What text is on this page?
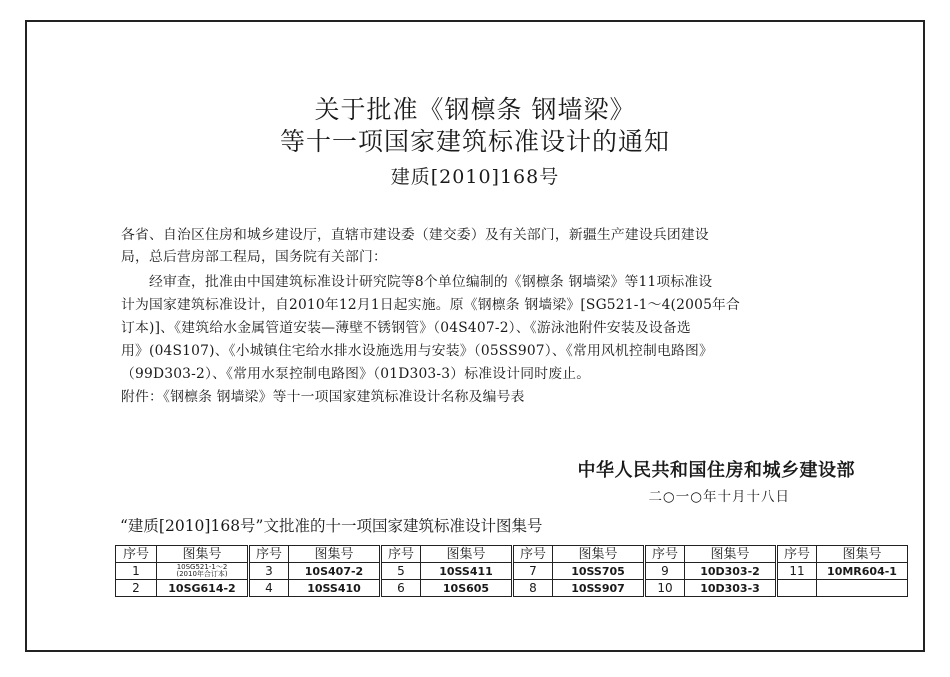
关于批准《钢檩条 钢墙梁》
等十一项国家建筑标准设计的通知
建质[2010]168号
各省、自治区住房和城乡建设厅，直辖市建设委（建交委）及有关部门，新疆生产建设兵团建设
局，总后营房部工程局，国务院有关部门：
　　经审查，批准由中国建筑标准设计研究院等8个单位编制的《钢檩条 钢墙梁》等11项标准设
计为国家建筑标准设计，自2010年12月1日起实施。原《钢檩条 钢墙梁》[SG521-1～4(2005年合
订本)]、《建筑给水金属管道安装—薄壁不锈钢管》（04S407-2）、《游泳池附件安装及设备选
用》(04S107)、《小城镇住宅给水排水设施选用与安装》（05SS907）、《常用风机控制电路图》
（99D303-2）、《常用水泵控制电路图》（01D303-3）标准设计同时废止。
附件：《钢檩条 钢墙梁》等十一项国家建筑标准设计名称及编号表
中华人民共和国住房和城乡建设部
二○一○年十月十八日
“建质[2010]168号”文批准的十一项国家建筑标准设计图集号
序号	图集号	序号	图集号	序号	图集号	序号	图集号	序号	图集号	序号	图集号
1	10SG521-1～2
(2010年合订本)	3	10S407-2	5	10SS411	7	10SS705	9	10D303-2	11	10MR604-1
2	10SG614-2	4	10SS410	6	10S605	8	10SS907	10	10D303-3		
